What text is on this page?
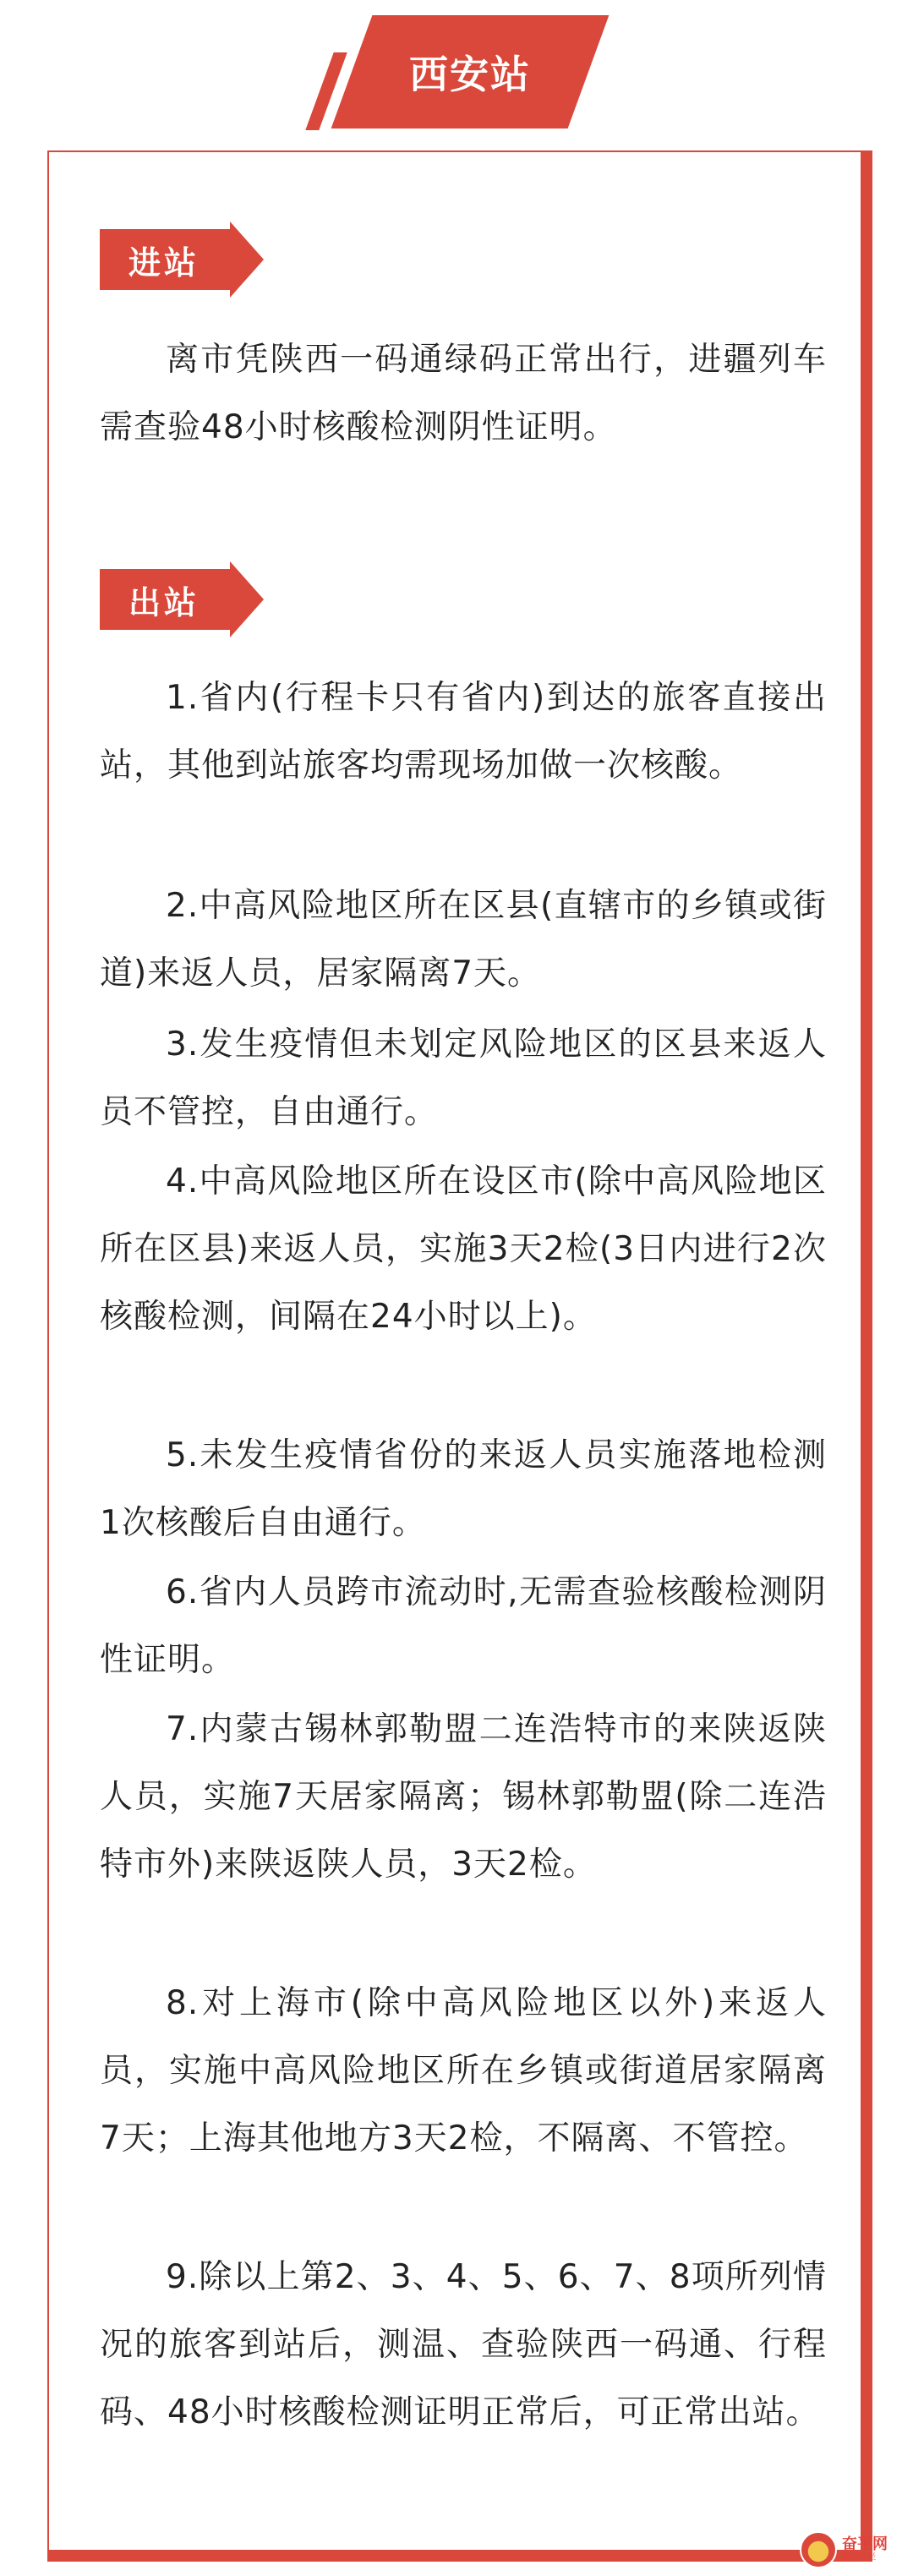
西安站
进站

离市凭陕西一码通绿码正常出行，进疆列车需查验48小时核酸检测阴性证明。

出站

1.省内(行程卡只有省内)到达的旅客直接出站，其他到站旅客均需现场加做一次核酸。

2.中高风险地区所在区县(直辖市的乡镇或街道)来返人员，居家隔离7天。

3.发生疫情但未划定风险地区的区县来返人员不管控，自由通行。

4.中高风险地区所在设区市(除中高风险地区所在区县)来返人员，实施3天2检(3日内进行2次核酸检测，间隔在24小时以上)。

5.未发生疫情省份的来返人员实施落地检测1次核酸后自由通行。

6.省内人员跨市流动时,无需查验核酸检测阴性证明。

7.内蒙古锡林郭勒盟二连浩特市的来陕返陕人员，实施7天居家隔离；锡林郭勒盟(除二连浩特市外)来陕返陕人员，3天2检。

8.对上海市(除中高风险地区以外)来返人员，实施中高风险地区所在乡镇或街道居家隔离7天；上海其他地方3天2检，不隔离、不管控。

9.除以上第2、3、4、5、6、7、8项所列情况的旅客到站后，测温、查验陕西一码通、行程码、48小时核酸检测证明正常后，可正常出站。

奋平网
旅游专栏
